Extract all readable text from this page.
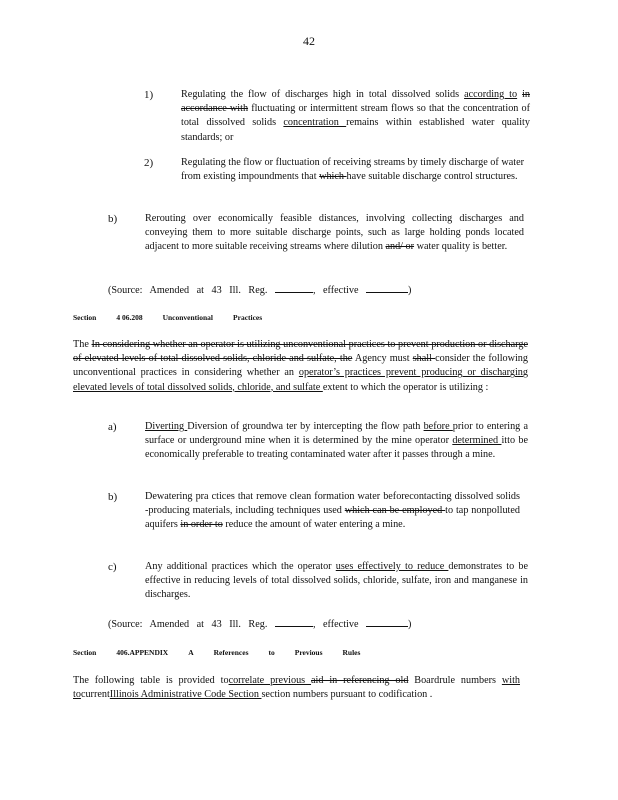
42
1)	Regulating the flow of discharges high in total dissolved solids according to in accordance with fluctuating or intermittent stream flows so that the concentration of total dissolved solids concentration remains within established water quality standards; or

2)	Regulating the flow or fluctuation of receiving streams by timely discharge of water from existing impoundments that which have suitable discharge control structures.

b)	Rerouting over economically feasible distances, involving collecting discharges and conveying them to more suitable discharge points, such as large holding ponds located adjacent to more suitable receiving streams where dilution and/ or water quality is better.

(Source: Amended at 43 Ill. Reg.	, effective	)

Section	4 06.208	Unconventional	Practices

The In considering whether an operator is utilizing unconventional practices to prevent production or discharge of elevated levels of total dissolved solids, chloride and sulfate, the Agency must shall consider the following unconventional practices in considering whether an operator’s practices prevent producing or discharging elevated levels of total dissolved solids, chloride, and sulfate extent to which the operator is utilizing :

a)	Diverting Diversion of groundwa ter by intercepting the flow path before prior to entering a surface or underground mine when it is determined by the mine operator determined itto be economically preferable to treating contaminated water after it passes through a mine.

b)	Dewatering pra ctices that remove clean formation water beforecontacting dissolved solids -producing materials, including techniques used which can be employed to tap nonpolluted aquifers in order to reduce the amount of water entering a mine.

c)	Any additional practices which the operator uses effectively to reduce demonstrates to be effective in reducing levels of total dissolved solids, chloride, sulfate, iron and manganese in discharges.

(Source: Amended at 43 Ill. Reg.	, effective	)

Section	406.APPENDIX	A	References	to	Previous	Rules

The following table is provided tocorrelate previous aid in referencing old Boardrule numbers with tocurrentIllinois Administrative Code Section section numbers pursuant to codification .
